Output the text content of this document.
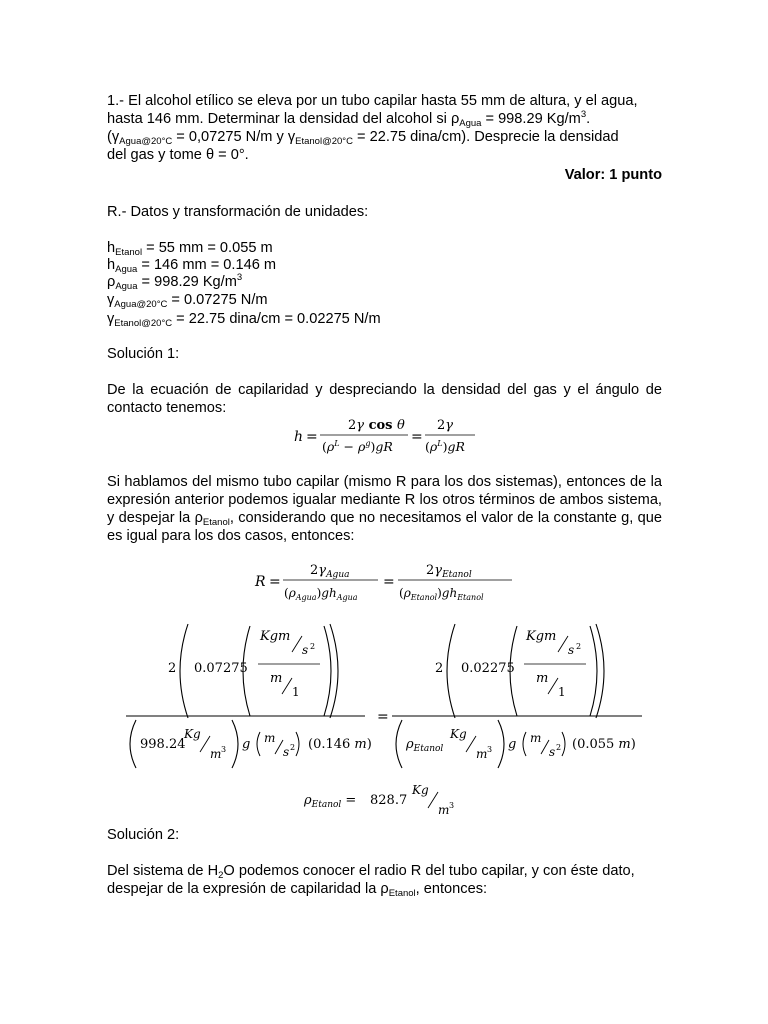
1.- El alcohol etílico se eleva por un tubo capilar hasta 55 mm de altura, y el agua,
hasta 146 mm. Determinar la densidad del alcohol si $\rho_{Agua} = 998.29$ $Kg/m^3$.
($\gamma_{Agua@20^\circ C} = 0,07275$ N/m y $\gamma_{Etanol@20^\circ C} = 22.75$ dina/cm). Desprecie la densidad
del gas y tome θ = 0°.
Valor: 1 punto
R.- Datos y transformación de unidades:
$h_{Etanol} = 55$ mm = 0.055 m
$h_{Agua} = 146$ mm = 0.146 m
$\rho_{Agua} = 998.29$ $Kg/m^3$
$\gamma_{Agua@20^\circ C} = 0.07275$ N/m
$\gamma_{Etanol@20^\circ C} = 22.75$ dina/cm = 0.02275 N/m
Solución 1:
De la ecuación de capilaridad y despreciando la densidad del gas y el ángulo de contacto tenemos:
h =
2γ cos θ
$(\rho^L - \rho^g)gR$
=
2γ
$(\rho^L)gR$
Si hablamos del mismo tubo capilar (mismo R para los dos sistemas), entonces de la expresión anterior podemos igualar mediante R los otros términos de ambos sistema, y despejar la $\rho_{Etanol}$, considerando que no necesitamos el valor de la constante g, que es igual para los dos casos, entonces:
R =
$2\gamma_{Agua}$
$(\rho_{Agua})gh_{Agua}$
=
$2\gamma_{Etanol}$
$(\rho_{Etanol})gh_{Etanol}$
2 0.07275
Kgm
s 2
m
1
2 0.02275
Kgm
s 2
m
1
=
998.24
Kg
m 3 g m
s 2 (0.146 m)	$\rho_{Etanol}$
Kg
m 3 g m
s 2 (0.055 m)
$\rho_{Etanol} = 828.7$
Kg
m 3
Solución 2:
Del sistema de $H_2O$ podemos conocer el radio R del tubo capilar, y con éste dato,
despejar de la expresión de capilaridad la $\rho_{Etanol}$, entonces:
